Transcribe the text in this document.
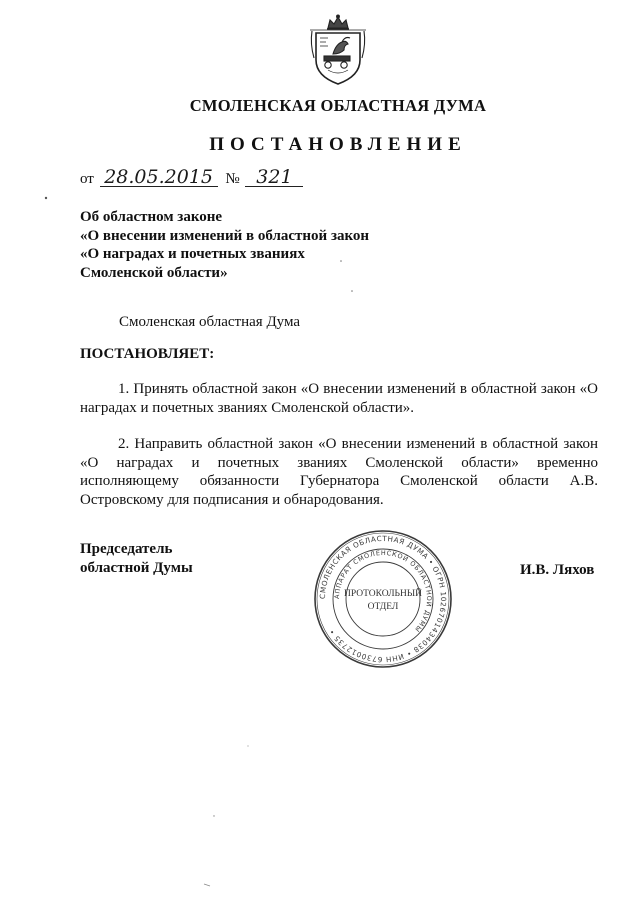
СМОЛЕНСКАЯ ОБЛАСТНАЯ ДУМА
ПОСТАНОВЛЕНИЕ
от 28.05.2015 № 321
Об областном законе
«О внесении изменений в областной закон
«О наградах и почетных званиях
Смоленской области»
Смоленская областная Дума
ПОСТАНОВЛЯЕТ:
1. Принять областной закон «О внесении изменений в областной закон «О наградах и почетных званиях Смоленской области».
2. Направить областной закон «О внесении изменений в областной закон «О наградах и почетных званиях Смоленской области» временно исполняющему обязанности Губернатора Смоленской области А.В. Островскому для подписания и обнародования.
Председатель
областной Думы
СМОЛЕНСКАЯ ОБЛАСТНАЯ ДУМА • ОГРН 1026701434038 • ИНН 6730012735 •
АППАРАТ СМОЛЕНСКОЙ ОБЛАСТНОЙ ДУМЫ
ПРОТОКОЛЬНЫЙ
ОТДЕЛ
И.В. Ляхов
